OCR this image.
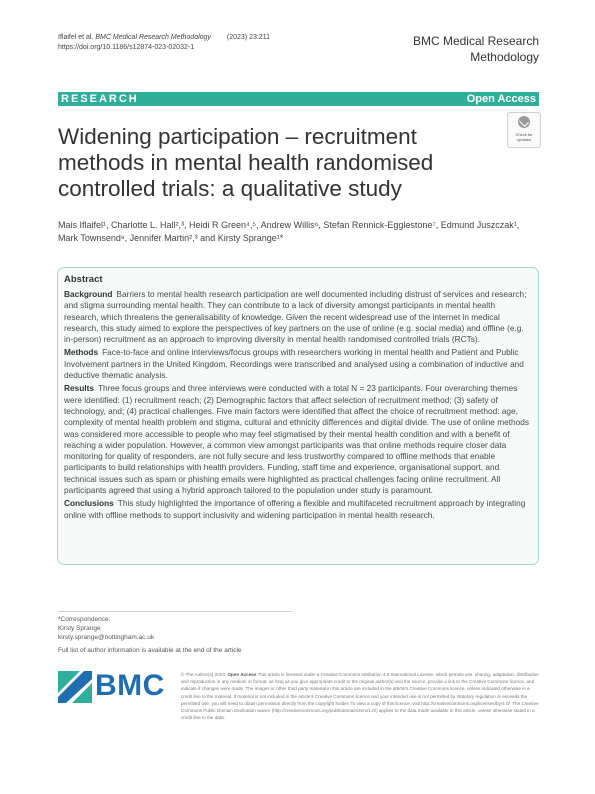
Iflaifel et al. BMC Medical Research Methodology (2023) 23:211
https://doi.org/10.1186/s12874-023-02032-1	BMC Medical Research
Methodology
RESEARCH	Open Access
Widening participation – recruitment methods in mental health randomised controlled trials: a qualitative study
Check for
updates
Mais Iflaifel¹, Charlotte L. Hall²,³, Heidi R Green⁴,⁵, Andrew Willis⁶, Stefan Rennick-Egglestone⁷, Edmund Juszczak¹,
Mark Townsend⁸, Jennifer Martin²,³ and Kirsty Sprange¹*
Abstract

Background Barriers to mental health research participation are well documented including distrust of services and research; and stigma surrounding mental health. They can contribute to a lack of diversity amongst participants in mental health research, which threatens the generalisability of knowledge. Given the recent widespread use of the internet in medical research, this study aimed to explore the perspectives of key partners on the use of online (e.g. social media) and offline (e.g. in-person) recruitment as an approach to improving diversity in mental health randomised controlled trials (RCTs).

Methods Face-to-face and online interviews/focus groups with researchers working in mental health and Patient and Public Involvement partners in the United Kingdom. Recordings were transcribed and analysed using a combination of inductive and deductive thematic analysis.

Results Three focus groups and three interviews were conducted with a total N = 23 participants. Four overarching themes were identified: (1) recruitment reach; (2) Demographic factors that affect selection of recruitment method; (3) safety of technology, and; (4) practical challenges. Five main factors were identified that affect the choice of recruitment method: age, complexity of mental health problem and stigma, cultural and ethnicity differences and digital divide. The use of online methods was considered more accessible to people who may feel stigmatised by their mental health condition and with a benefit of reaching a wider population. However, a common view amongst participants was that online methods require closer data monitoring for quality of responders, are not fully secure and less trustworthy compared to offline methods that enable participants to build relationships with health providers. Funding, staff time and experience, organisational support, and technical issues such as spam or phishing emails were highlighted as practical challenges facing online recruitment. All participants agreed that using a hybrid approach tailored to the population under study is paramount.

Conclusions This study highlighted the importance of offering a flexible and multifaceted recruitment approach by integrating online with offline methods to support inclusivity and widening participation in mental health research.

*Correspondence:
Kirsty Sprange
kirsty.sprange@nottingham.ac.uk
Full list of author information is available at the end of the article
BMC	© The Author(s) 2023. Open Access This article is licensed under a Creative Commons Attribution 4.0 International License, which permits use, sharing, adaptation, distribution and reproduction in any medium or format, as long as you give appropriate credit to the original author(s) and the source, provide a link to the Creative Commons licence, and indicate if changes were made. The images or other third party material in this article are included in the article's Creative Commons licence, unless indicated otherwise in a credit line to the material. If material is not included in the article's Creative Commons licence and your intended use is not permitted by statutory regulation or exceeds the permitted use, you will need to obtain permission directly from the copyright holder. To view a copy of this licence, visit http://creativecommons.org/licenses/by/4.0/. The Creative Commons Public Domain Dedication waiver (http://creativecommons.org/publicdomain/zero/1.0/) applies to the data made available in this article, unless otherwise stated in a credit line to the data.
